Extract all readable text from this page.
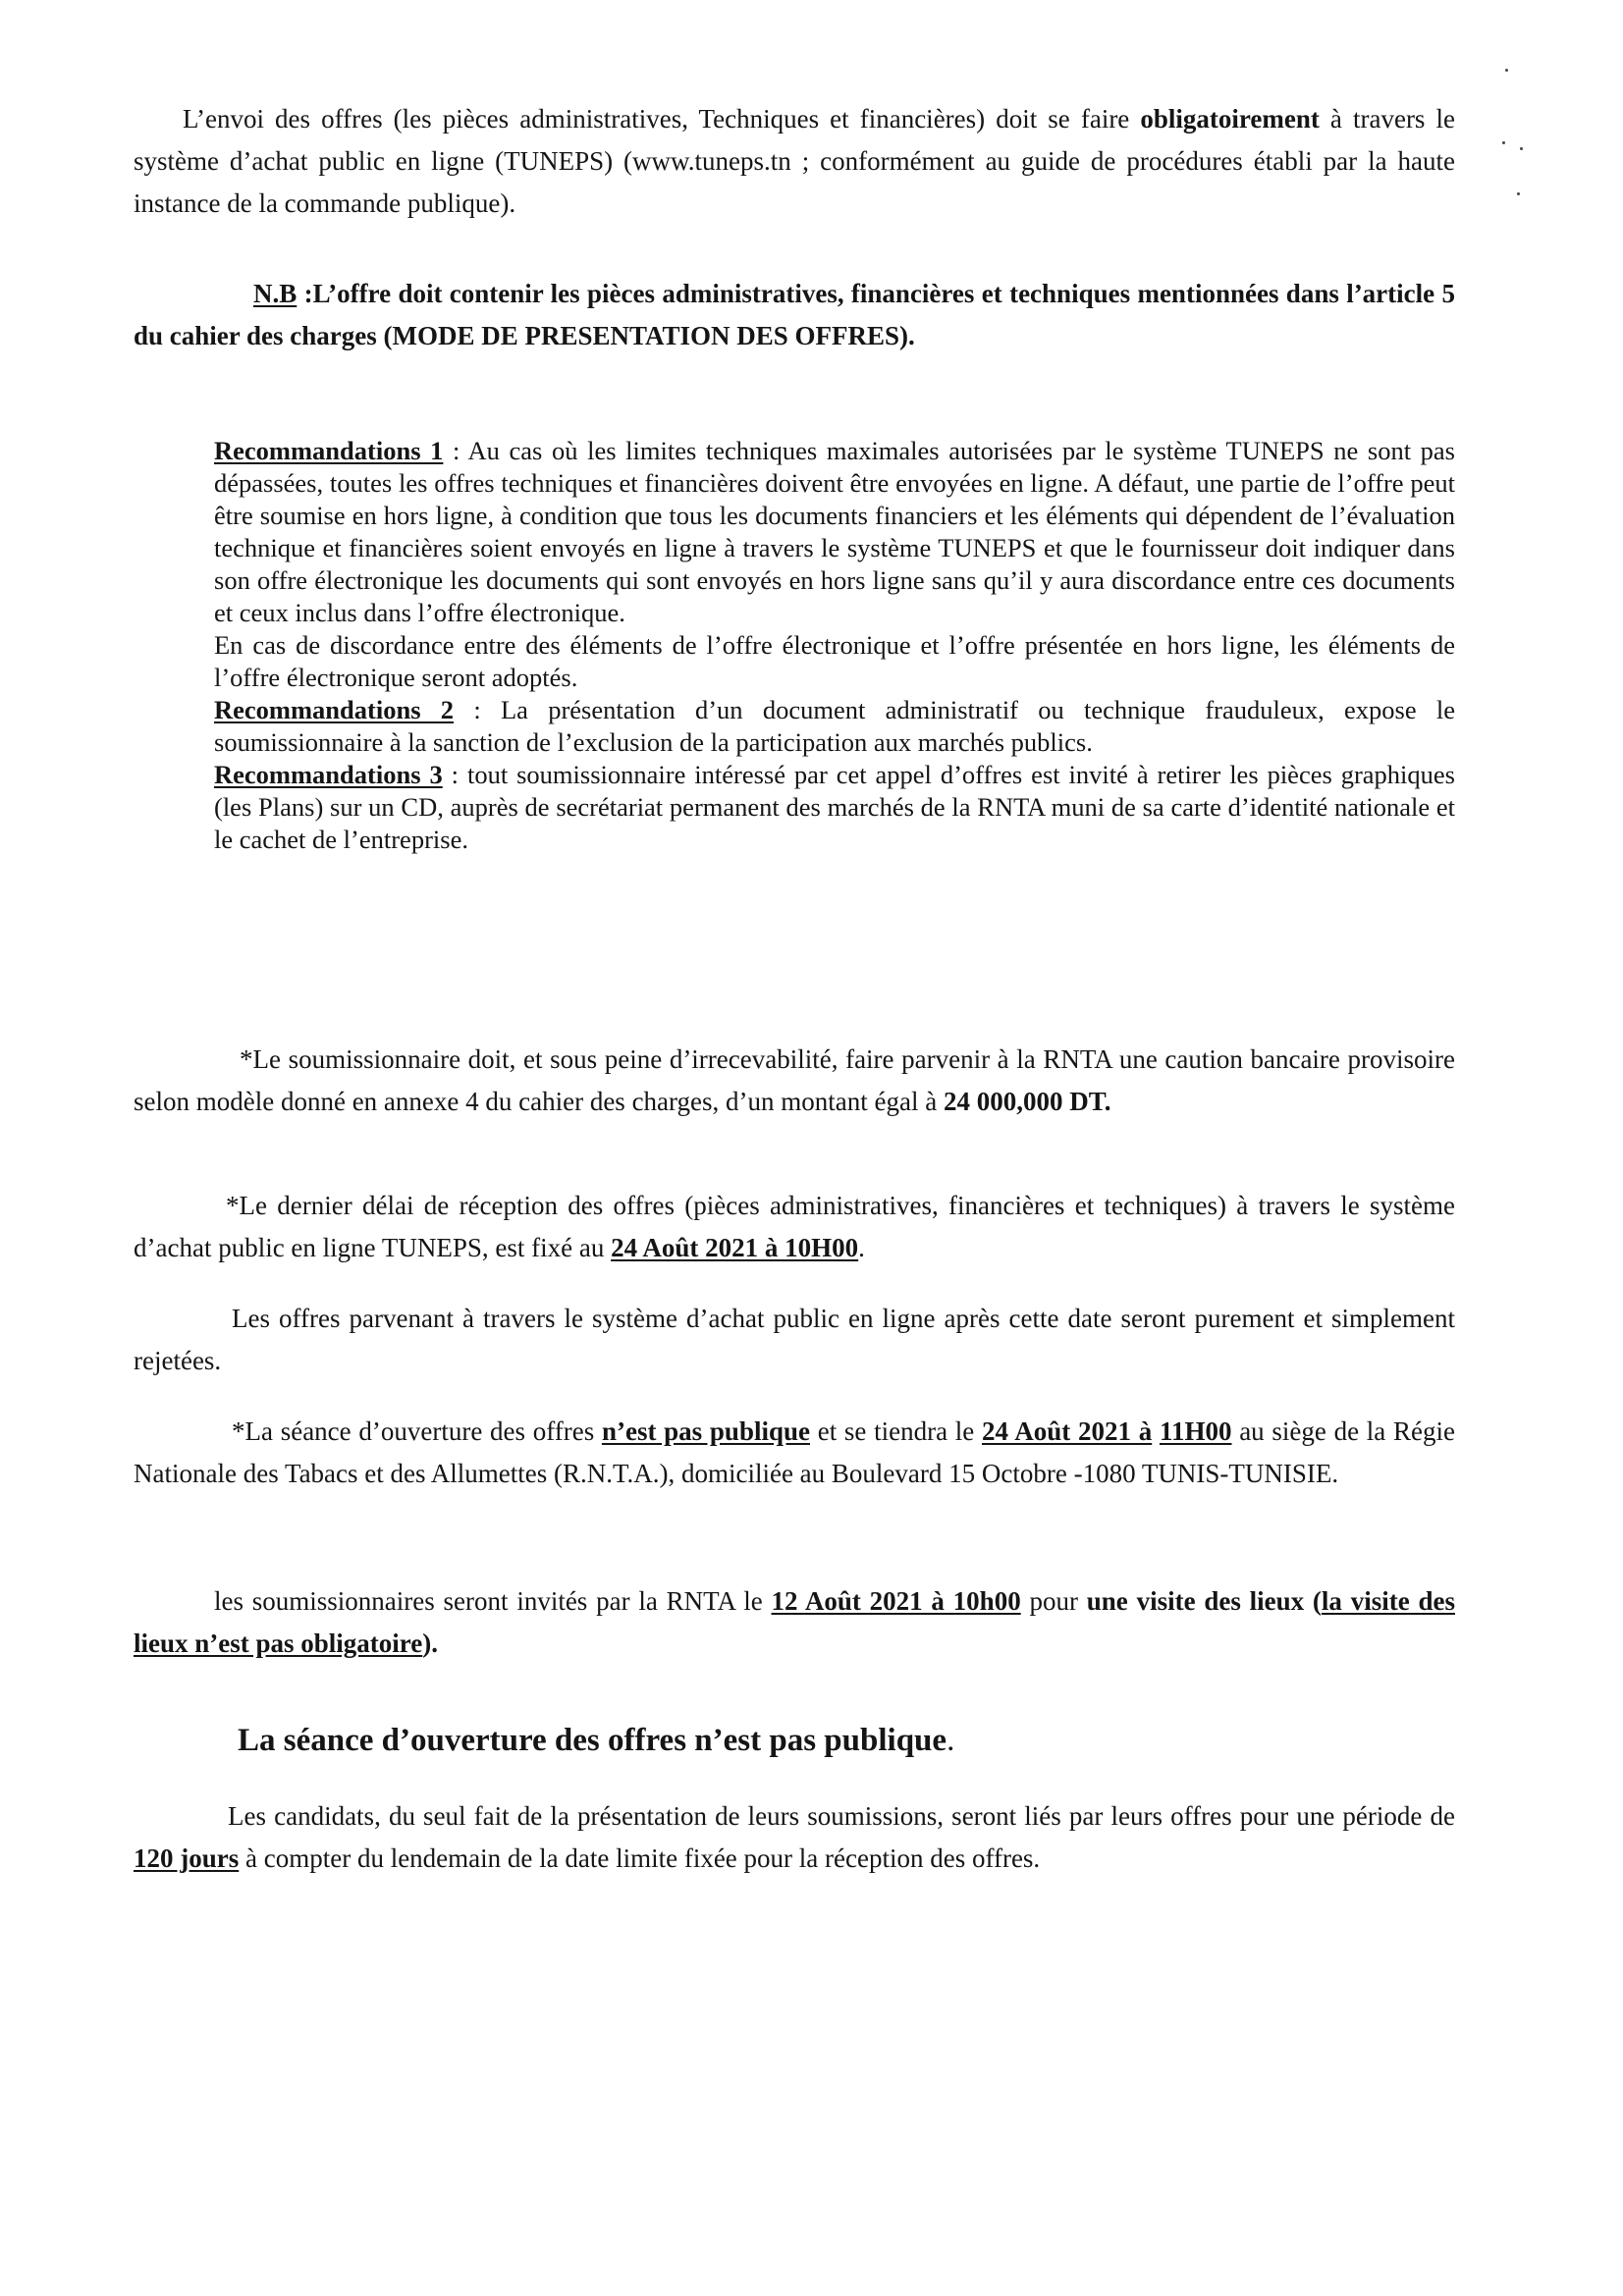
L’envoi des offres (les pièces administratives, Techniques et financières) doit se faire obligatoirement à travers le système d’achat public en ligne (TUNEPS) (www.tuneps.tn ; conformément au guide de procédures établi par la haute instance de la commande publique).

N.B :L’offre doit contenir les pièces administratives, financières et techniques mentionnées dans l’article 5 du cahier des charges (MODE DE PRESENTATION DES OFFRES).

Recommandations 1 : Au cas où les limites techniques maximales autorisées par le système TUNEPS ne sont pas dépassées, toutes les offres techniques et financières doivent être envoyées en ligne. A défaut, une partie de l’offre peut être soumise en hors ligne, à condition que tous les documents financiers et les éléments qui dépendent de l’évaluation technique et financières soient envoyés en ligne à travers le système TUNEPS et que le fournisseur doit indiquer dans son offre électronique les documents qui sont envoyés en hors ligne sans qu’il y aura discordance entre ces documents et ceux inclus dans l’offre électronique.
En cas de discordance entre des éléments de l’offre électronique et l’offre présentée en hors ligne, les éléments de l’offre électronique seront adoptés.
Recommandations 2 : La présentation d’un document administratif ou technique frauduleux, expose le soumissionnaire à la sanction de l’exclusion de la participation aux marchés publics.
Recommandations 3 : tout soumissionnaire intéressé par cet appel d’offres est invité à retirer les pièces graphiques (les Plans) sur un CD, auprès de secrétariat permanent des marchés de la RNTA muni de sa carte d’identité nationale et le cachet de l’entreprise.

*Le soumissionnaire doit, et sous peine d’irrecevabilité, faire parvenir à la RNTA une caution bancaire provisoire selon modèle donné en annexe 4 du cahier des charges, d’un montant égal à 24 000,000 DT.

*Le dernier délai de réception des offres (pièces administratives, financières et techniques) à travers le système d’achat public en ligne TUNEPS, est fixé au 24 Août 2021 à 10H00.

Les offres parvenant à travers le système d’achat public en ligne après cette date seront purement et simplement rejetées.

*La séance d’ouverture des offres n’est pas publique et se tiendra le 24 Août 2021 à 11H00 au siège de la Régie Nationale des Tabacs et des Allumettes (R.N.T.A.), domiciliée au Boulevard 15 Octobre -1080 TUNIS-TUNISIE.

les soumissionnaires seront invités par la RNTA le 12 Août 2021 à 10h00 pour une visite des lieux (la visite des lieux n’est pas obligatoire).

La séance d’ouverture des offres n’est pas publique.

Les candidats, du seul fait de la présentation de leurs soumissions, seront liés par leurs offres pour une période de 120 jours à compter du lendemain de la date limite fixée pour la réception des offres.
